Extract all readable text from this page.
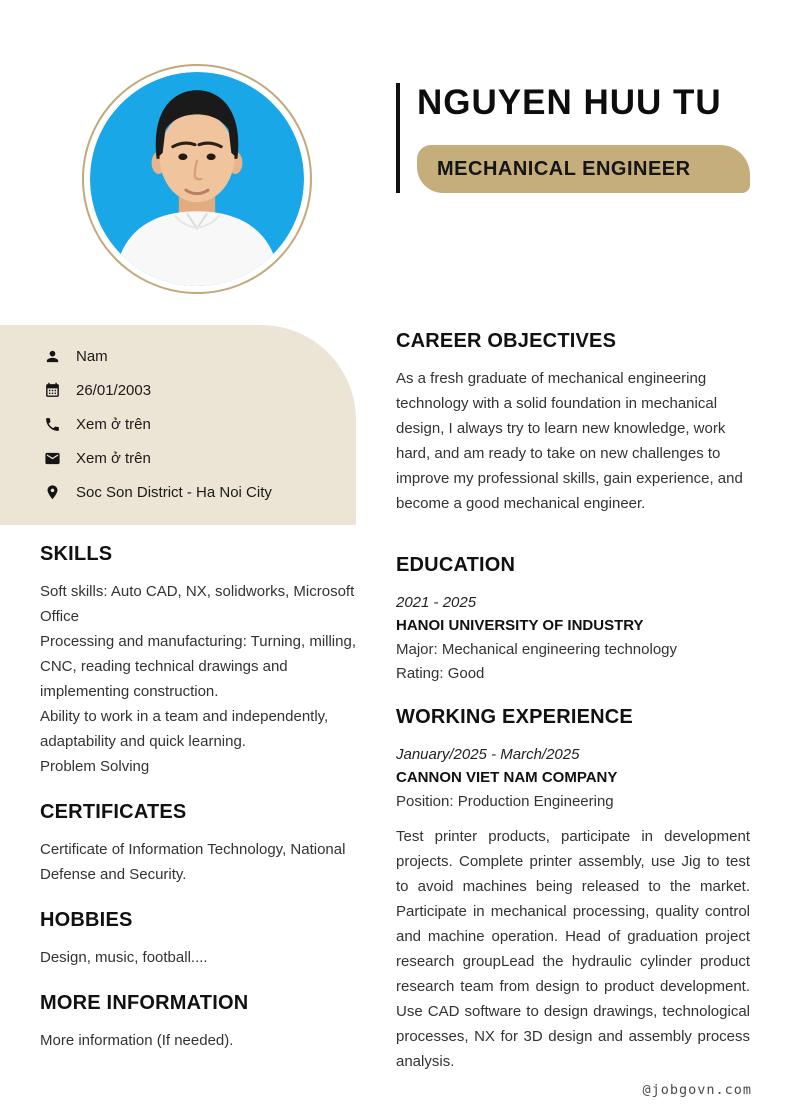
NGUYEN HUU TU
MECHANICAL ENGINEER
Nam
26/01/2003
Xem ở trên
Xem ở trên
Soc Son District - Ha Noi City
SKILLS

Soft skills: Auto CAD, NX, solidworks, Microsoft Office

Processing and manufacturing: Turning, milling, CNC, reading technical drawings and implementing construction.

Ability to work in a team and independently, adaptability and quick learning.

Problem Solving

CERTIFICATES

Certificate of Information Technology, National Defense and Security.

HOBBIES

Design, music, football....

MORE INFORMATION

More information (If needed).

CAREER OBJECTIVES

As a fresh graduate of mechanical engineering technology with a solid foundation in mechanical design, I always try to learn new knowledge, work hard, and am ready to take on new challenges to improve my professional skills, gain experience, and become a good mechanical engineer.

EDUCATION

2021 - 2025

HANOI UNIVERSITY OF INDUSTRY

Major: Mechanical engineering technology

Rating: Good

WORKING EXPERIENCE

January/2025 - March/2025

CANNON VIET NAM COMPANY

Position: Production Engineering

Test printer products, participate in development projects. Complete printer assembly, use Jig to test to avoid machines being released to the market. Participate in mechanical processing, quality control and machine operation. Head of graduation project research groupLead the hydraulic cylinder product research team from design to product development. Use CAD software to design drawings, technological processes, NX for 3D design and assembly process analysis.

@jobgovn.com
